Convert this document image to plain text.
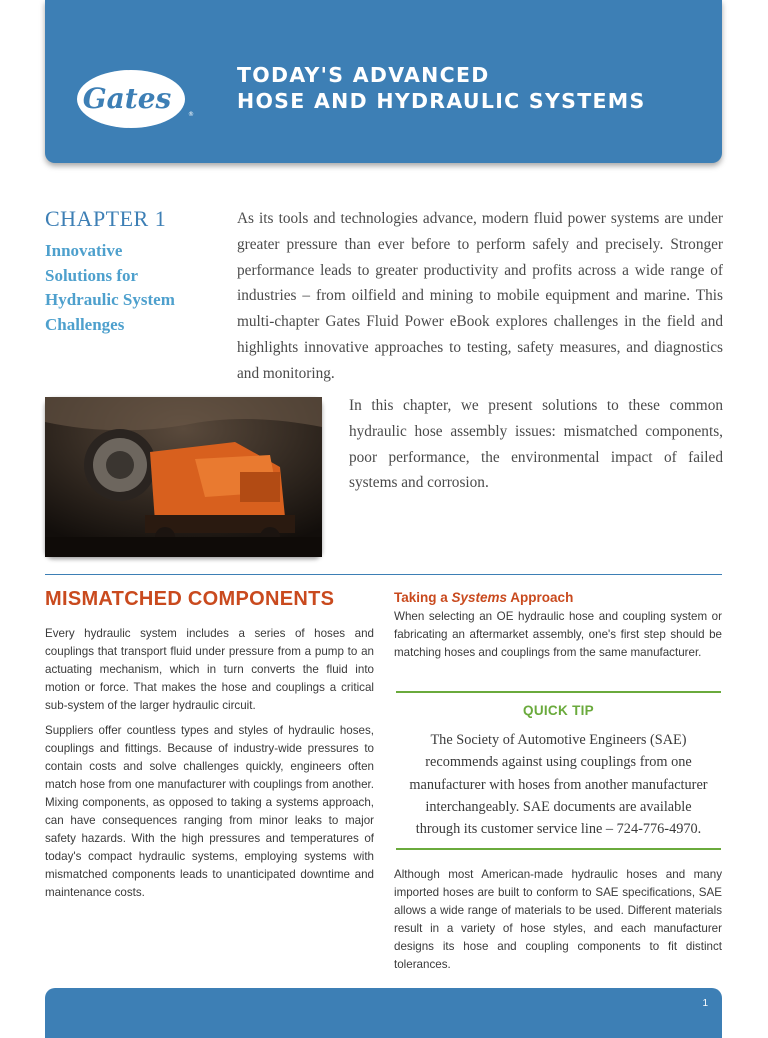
Gates	®
TODAY'S ADVANCED
HOSE AND HYDRAULIC SYSTEMS
CHAPTER 1
Innovative
Solutions for
Hydraulic System
Challenges

As its tools and technologies advance, modern fluid power systems are under greater pressure than ever before to perform safely and precisely. Stronger performance leads to greater productivity and profits across a wide range of industries – from oilfield and mining to mobile equipment and marine. This multi-chapter Gates Fluid Power eBook explores challenges in the field and highlights innovative approaches to testing, safety measures, and diagnostics and monitoring.

In this chapter, we present solutions to these common hydraulic hose assembly issues: mismatched components, poor performance, the environmental impact of failed systems and corrosion.

MISMATCHED COMPONENTS

Every hydraulic system includes a series of hoses and couplings that transport fluid under pressure from a pump to an actuating mechanism, which in turn converts the fluid into motion or force. That makes the hose and couplings a critical sub-system of the larger hydraulic circuit.

Suppliers offer countless types and styles of hydraulic hoses, couplings and fittings. Because of industry-wide pressures to contain costs and solve challenges quickly, engineers often match hose from one manufacturer with couplings from another. Mixing components, as opposed to taking a systems approach, can have consequences ranging from minor leaks to major safety hazards. With the high pressures and temperatures of today's compact hydraulic systems, employing systems with mismatched components leads to unanticipated downtime and maintenance costs.

Taking a Systems Approach

When selecting an OE hydraulic hose and coupling system or fabricating an aftermarket assembly, one's first step should be matching hoses and couplings from the same manufacturer.

QUICK TIP
The Society of Automotive Engineers (SAE)
recommends against using couplings from one
manufacturer with hoses from another manufacturer
interchangeably. SAE documents are available
through its customer service line – 724-776-4970.

Although most American-made hydraulic hoses and many imported hoses are built to conform to SAE specifications, SAE allows a wide range of materials to be used. Different materials result in a variety of hose styles, and each manufacturer designs its hose and coupling components to fit distinct tolerances.

1
